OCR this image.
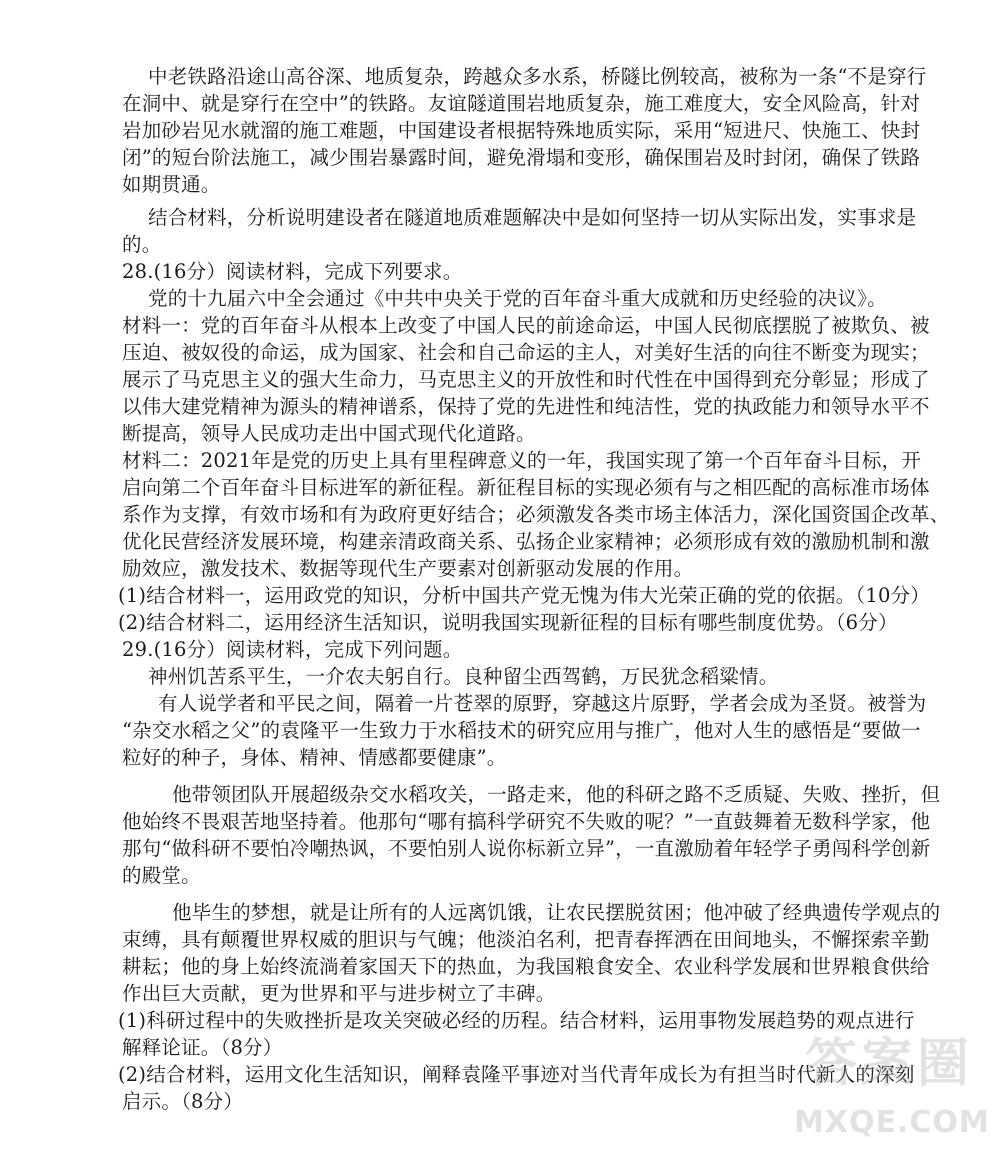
中老铁路沿途山高谷深、地质复杂，跨越众多水系，桥隧比例较高，被称为一条“不是穿行
在洞中、就是穿行在空中”的铁路。友谊隧道围岩地质复杂，施工难度大，安全风险高，针对
岩加砂岩见水就溜的施工难题，中国建设者根据特殊地质实际，采用“短进尺、快施工、快封
闭”的短台阶法施工，减少围岩暴露时间，避免滑塌和变形，确保围岩及时封闭，确保了铁路
如期贯通。
结合材料，分析说明建设者在隧道地质难题解决中是如何坚持一切从实际出发，实事求是
的。
28.(16分）阅读材料，完成下列要求。
党的十九届六中全会通过《中共中央关于党的百年奋斗重大成就和历史经验的决议》。
材料一：党的百年奋斗从根本上改变了中国人民的前途命运，中国人民彻底摆脱了被欺负、被
压迫、被奴役的命运，成为国家、社会和自己命运的主人，对美好生活的向往不断变为现实；
展示了马克思主义的强大生命力，马克思主义的开放性和时代性在中国得到充分彰显；形成了
以伟大建党精神为源头的精神谱系，保持了党的先进性和纯洁性，党的执政能力和领导水平不
断提高，领导人民成功走出中国式现代化道路。
材料二：2021年是党的历史上具有里程碑意义的一年，我国实现了第一个百年奋斗目标，开
启向第二个百年奋斗目标进军的新征程。新征程目标的实现必须有与之相匹配的高标准市场体
系作为支撑，有效市场和有为政府更好结合；必须激发各类市场主体活力，深化国资国企改革、
优化民营经济发展环境，构建亲清政商关系、弘扬企业家精神；必须形成有效的激励机制和激
励效应，激发技术、数据等现代生产要素对创新驱动发展的作用。
(1)结合材料一，运用政党的知识，分析中国共产党无愧为伟大光荣正确的党的依据。（10分）
(2)结合材料二，运用经济生活知识，说明我国实现新征程的目标有哪些制度优势。（6分）
29.(16分）阅读材料，完成下列问题。
神州饥苦系平生，一介农夫躬自行。良种留尘西驾鹤，万民犹念稻粱情。
有人说学者和平民之间，隔着一片苍翠的原野，穿越这片原野，学者会成为圣贤。被誉为
“杂交水稻之父”的袁隆平一生致力于水稻技术的研究应用与推广，他对人生的感悟是“要做一
粒好的种子，身体、精神、情感都要健康”。
他带领团队开展超级杂交水稻攻关，一路走来，他的科研之路不乏质疑、失败、挫折，但
他始终不畏艰苦地坚持着。他那句“哪有搞科学研究不失败的呢？”一直鼓舞着无数科学家，他
那句“做科研不要怕冷嘲热讽，不要怕别人说你标新立异”，一直激励着年轻学子勇闯科学创新
的殿堂。
他毕生的梦想，就是让所有的人远离饥饿，让农民摆脱贫困；他冲破了经典遗传学观点的
束缚，具有颠覆世界权威的胆识与气魄；他淡泊名利，把青春挥洒在田间地头，不懈探索辛勤
耕耘；他的身上始终流淌着家国天下的热血，为我国粮食安全、农业科学发展和世界粮食供给
作出巨大贡献，更为世界和平与进步树立了丰碑。
(1)科研过程中的失败挫折是攻关突破必经的历程。结合材料，运用事物发展趋势的观点进行
解释论证。（8分）
(2)结合材料，运用文化生活知识，阐释袁隆平事迹对当代青年成长为有担当时代新人的深刻
启示。（8分）
答案圈
MXQE.COM
